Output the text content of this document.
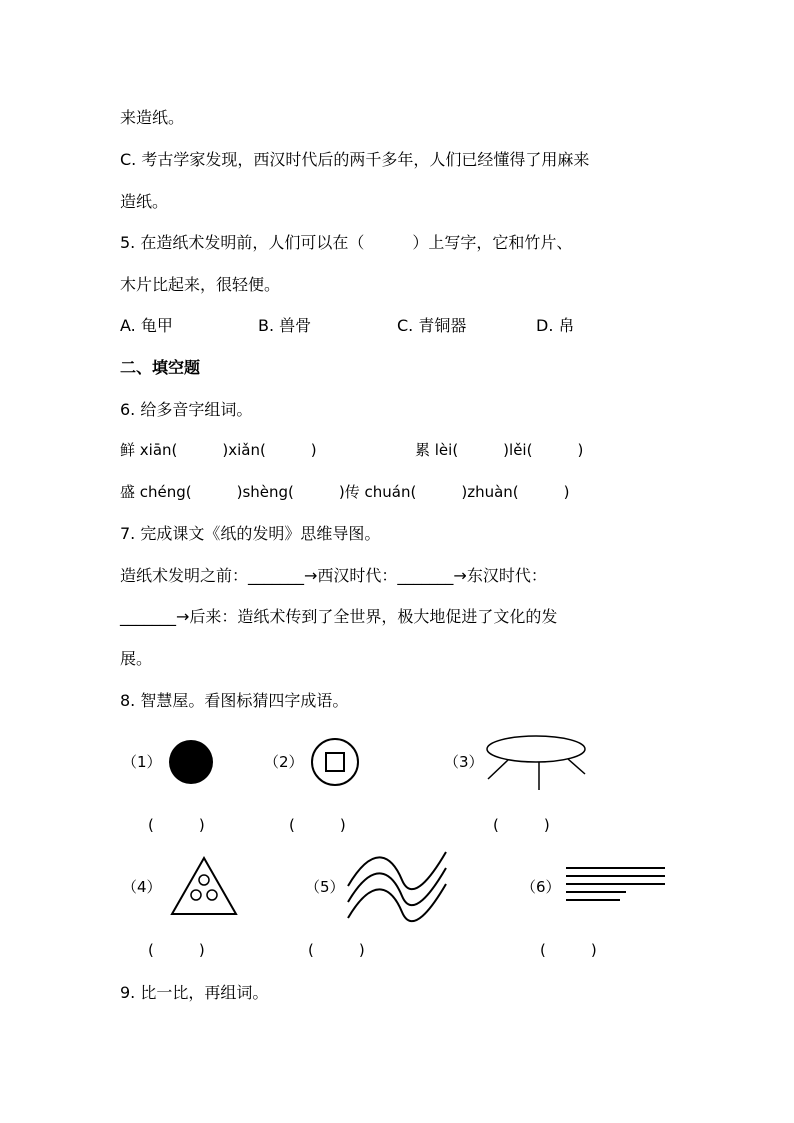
来造纸。
C. 考古学家发现，西汉时代后的两千多年，人们已经懂得了用麻来
造纸。
5. 在造纸术发明前，人们可以在（　　　）上写字，它和竹片、
木片比起来，很轻便。
A. 龟甲	B. 兽骨	C. 青铜器	D. 帛
二、填空题
6. 给多音字组词。
鲜 xiān(　　　)xiǎn(　　　)	累 lèi(　　　)lěi(　　　)
盛 chéng(　　　)shèng(　　　)传 chuán(　　　)zhuàn(　　　)
7. 完成课文《纸的发明》思维导图。
造纸术发明之前：_______→西汉时代：_______→东汉时代：
_______→后来：造纸术传到了全世界，极大地促进了文化的发
展。
8. 智慧屋。看图标猜四字成语。
（1）	（2）	（3）
(　　　)	(　　　)	(　　　)
（4）	（5）	（6）
(　　　)	(　　　)	(　　　)
9. 比一比，再组词。
